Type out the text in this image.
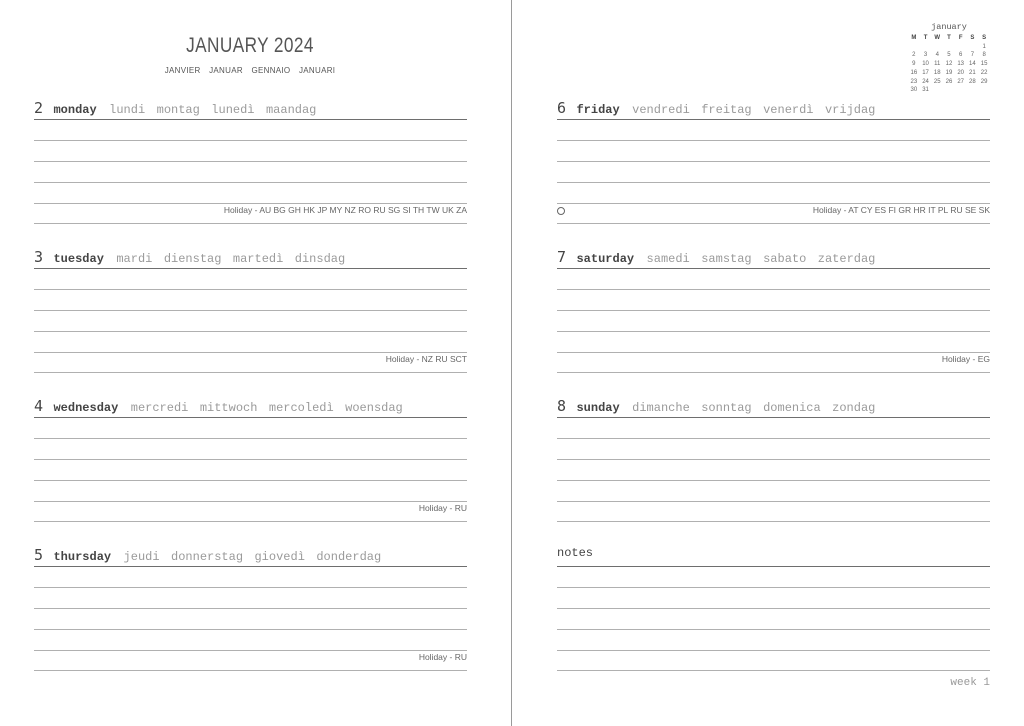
JANUARY 2024
JANVIER JANUAR GENNAIO JANUARI
2 monday lundi montag lunedì maandag
Holiday - AU BG GH HK JP MY NZ RO RU SG SI TH TW UK ZA
3 tuesday mardi dienstag martedì dinsdag
Holiday - NZ RU SCT
4 wednesday mercredi mittwoch mercoledì woensdag
Holiday - RU
5 thursday jeudi donnerstag giovedì donderdag
Holiday - RU
january
M	T	W	T	F	S	S
						1
2	3	4	5	6	7	8
9	10	11	12	13	14	15
16	17	18	19	20	21	22
23	24	25	26	27	28	29
30	31					
6 friday vendredi freitag venerdì vrijdag
Holiday - AT CY ES FI GR HR IT PL RU SE SK
7 saturday samedi samstag sabato zaterdag
Holiday - EG
8 sunday dimanche sonntag domenica zondag
notes
week 1
